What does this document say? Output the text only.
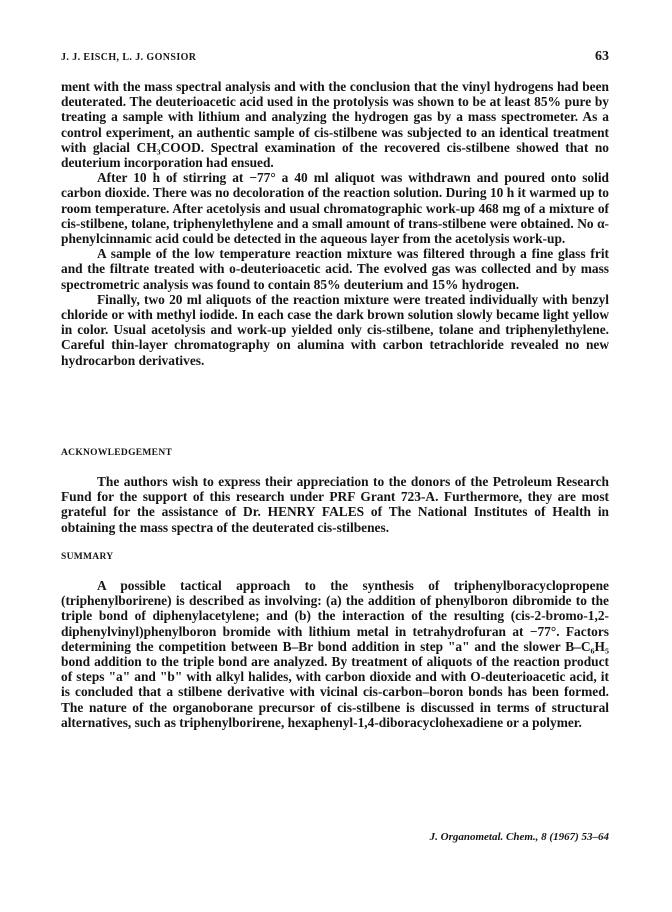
J. J. EISCH, L. J. GONSIOR	63

ment with the mass spectral analysis and with the conclusion that the vinyl hydrogens had been deuterated. The deuterioacetic acid used in the protolysis was shown to be at least 85% pure by treating a sample with lithium and analyzing the hydrogen gas by a mass spectrometer. As a control experiment, an authentic sample of cis-stilbene was subjected to an identical treatment with glacial CH₃COOD. Spectral examination of the recovered cis-stilbene showed that no deuterium incorporation had ensued.

After 10 h of stirring at −77° a 40 ml aliquot was withdrawn and poured onto solid carbon dioxide. There was no decoloration of the reaction solution. During 10 h it warmed up to room temperature. After acetolysis and usual chromatographic work-up 468 mg of a mixture of cis-stilbene, tolane, triphenylethylene and a small amount of trans-stilbene were obtained. No α-phenylcinnamic acid could be detected in the aqueous layer from the acetolysis work-up.

A sample of the low temperature reaction mixture was filtered through a fine glass frit and the filtrate treated with o-deuterioacetic acid. The evolved gas was collected and by mass spectrometric analysis was found to contain 85% deuterium and 15% hydrogen.

Finally, two 20 ml aliquots of the reaction mixture were treated individually with benzyl chloride or with methyl iodide. In each case the dark brown solution slowly became light yellow in color. Usual acetolysis and work-up yielded only cis-stilbene, tolane and triphenylethylene. Careful thin-layer chromatography on alumina with carbon tetrachloride revealed no new hydrocarbon derivatives.

ACKNOWLEDGEMENT

The authors wish to express their appreciation to the donors of the Petroleum Research Fund for the support of this research under PRF Grant 723-A. Furthermore, they are most grateful for the assistance of Dr. HENRY FALES of The National Institutes of Health in obtaining the mass spectra of the deuterated cis-stilbenes.

SUMMARY

A possible tactical approach to the synthesis of triphenylboracyclopropene (triphenylborirene) is described as involving: (a) the addition of phenylboron dibromide to the triple bond of diphenylacetylene; and (b) the interaction of the resulting (cis-2-bromo-1,2-diphenylvinyl)phenylboron bromide with lithium metal in tetrahydrofuran at −77°. Factors determining the competition between B–Br bond addition in step "a" and the slower B–C₆H₅ bond addition to the triple bond are analyzed. By treatment of aliquots of the reaction product of steps "a" and "b" with alkyl halides, with carbon dioxide and with O-deuterioacetic acid, it is concluded that a stilbene derivative with vicinal cis-carbon–boron bonds has been formed. The nature of the organoborane precursor of cis-stilbene is discussed in terms of structural alternatives, such as triphenylborirene, hexaphenyl-1,4-diboracyclohexadiene or a polymer.

J. Organometal. Chem., 8 (1967) 53–64
